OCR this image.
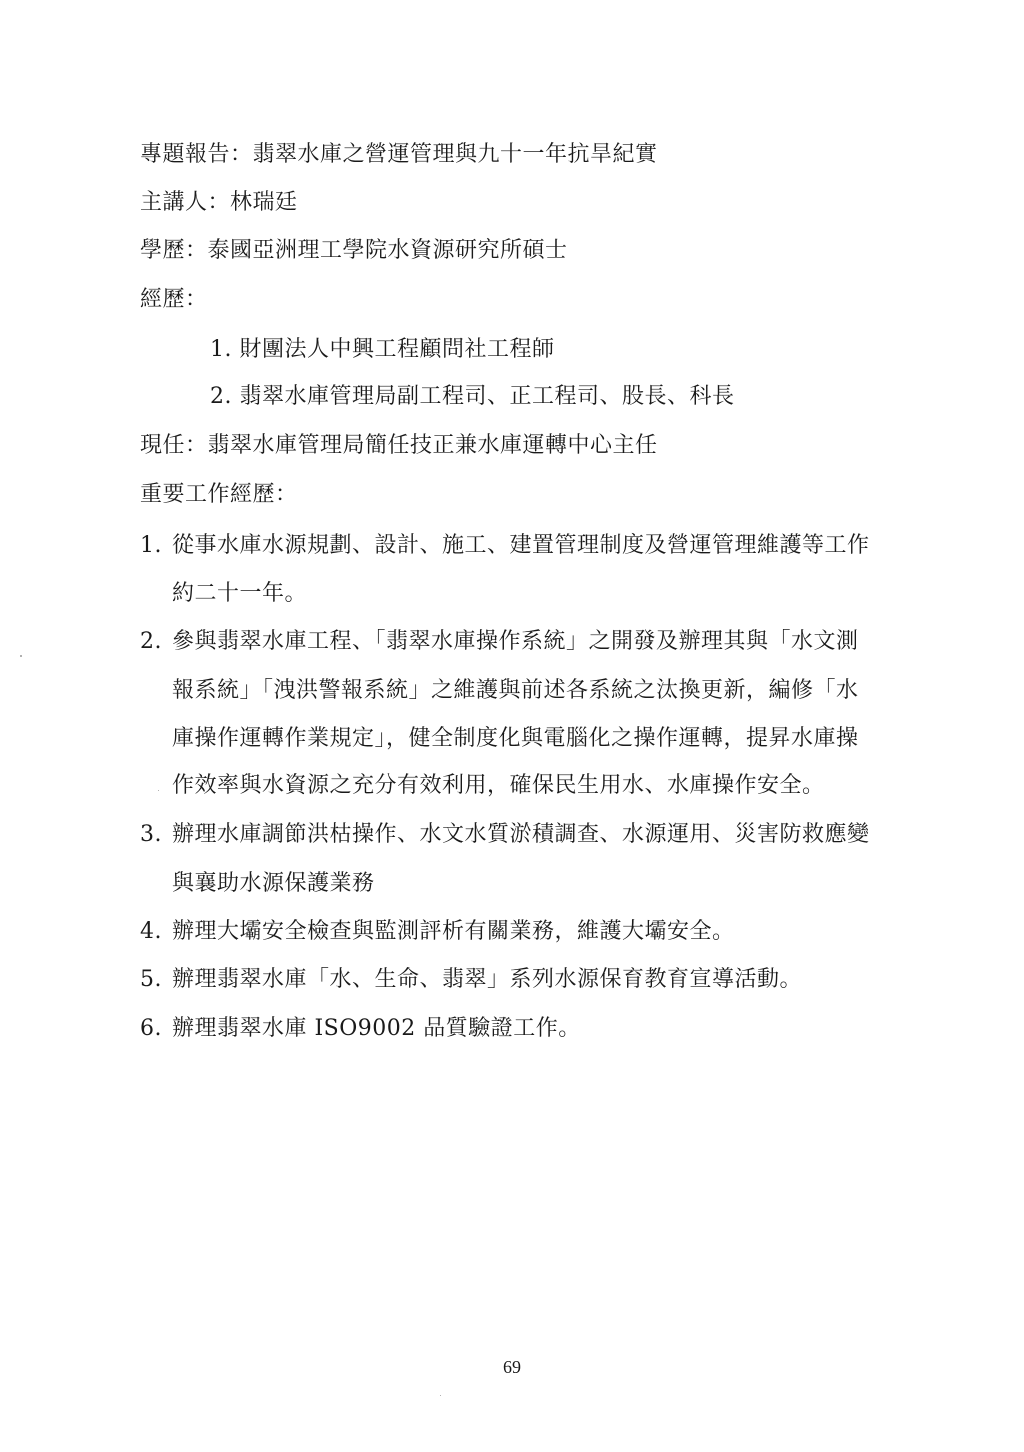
專題報告：翡翠水庫之營運管理與九十一年抗旱紀實
主講人：林瑞廷
學歷：泰國亞洲理工學院水資源研究所碩士
經歷：
1. 財團法人中興工程顧問社工程師
2. 翡翠水庫管理局副工程司、正工程司、股長、科長
現任：翡翠水庫管理局簡任技正兼水庫運轉中心主任
重要工作經歷：
1. 從事水庫水源規劃、設計、施工、建置管理制度及營運管理維護等工作
約二十一年。
2. 參與翡翠水庫工程、「翡翠水庫操作系統」之開發及辦理其與「水文測
報系統」「洩洪警報系統」之維護與前述各系統之汰換更新，編修「水
庫操作運轉作業規定」，健全制度化與電腦化之操作運轉，提昇水庫操
作效率與水資源之充分有效利用，確保民生用水、水庫操作安全。
3. 辦理水庫調節洪枯操作、水文水質淤積調查、水源運用、災害防救應變
與襄助水源保護業務
4. 辦理大壩安全檢查與監測評析有關業務，維護大壩安全。
5. 辦理翡翠水庫「水、生命、翡翠」系列水源保育教育宣導活動。
6. 辦理翡翠水庫 ISO9002 品質驗證工作。
69
